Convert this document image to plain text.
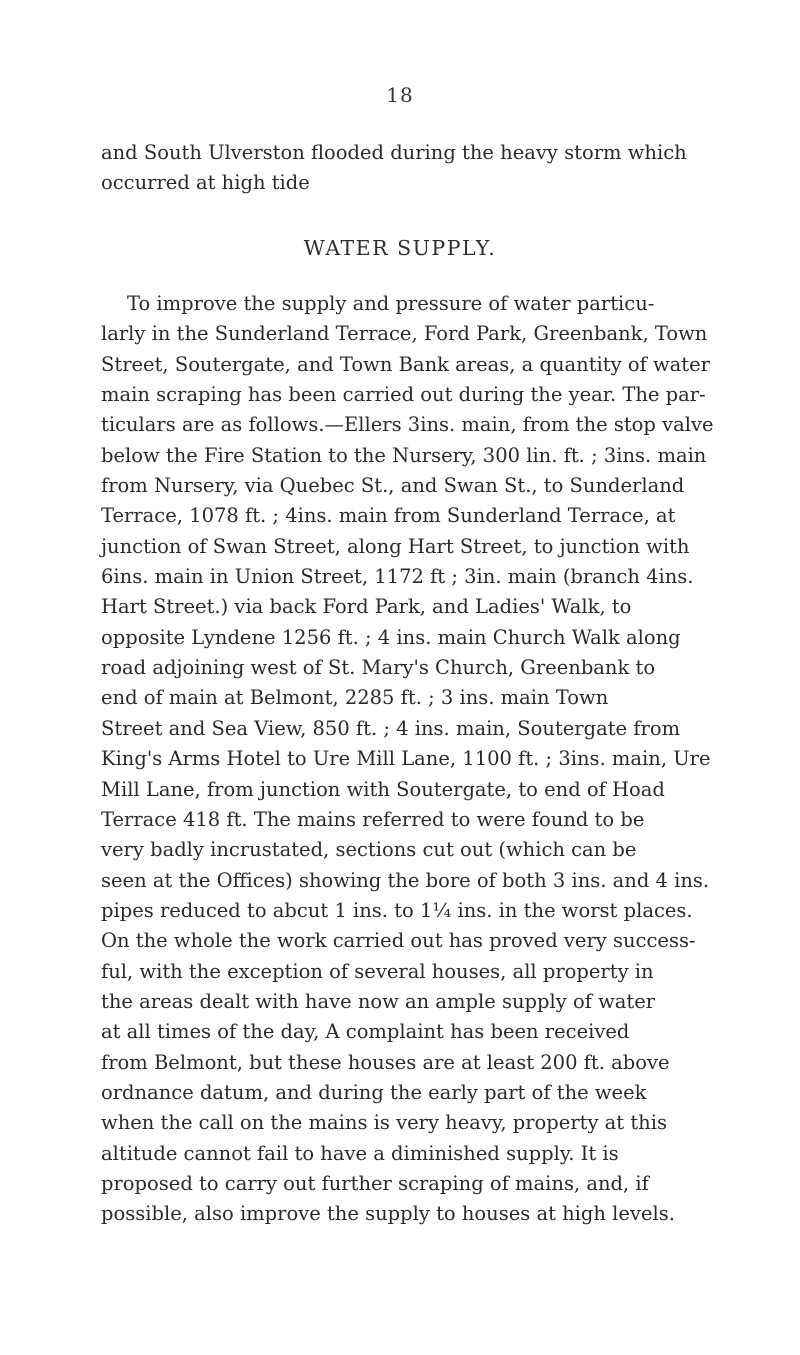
18
and South Ulverston flooded during the heavy storm which
occurred at high tide
WATER SUPPLY.
To improve the supply and pressure of water particu-
larly in the Sunderland Terrace, Ford Park, Greenbank, Town
Street, Soutergate, and Town Bank areas, a quantity of water
main scraping has been carried out during the year. The par-
ticulars are as follows.—Ellers 3ins. main, from the stop valve
below the Fire Station to the Nursery, 300 lin. ft. ; 3ins. main
from Nursery, via Quebec St., and Swan St., to Sunderland
Terrace, 1078 ft. ; 4ins. main from Sunderland Terrace, at
junction of Swan Street, along Hart Street, to junction with
6ins. main in Union Street, 1172 ft ; 3in. main (branch 4ins.
Hart Street.) via back Ford Park, and Ladies' Walk, to
opposite Lyndene 1256 ft. ; 4 ins. main Church Walk along
road adjoining west of St. Mary's Church, Greenbank to
end of main at Belmont, 2285 ft. ; 3 ins. main Town
Street and Sea View, 850 ft. ; 4 ins. main, Soutergate from
King's Arms Hotel to Ure Mill Lane, 1100 ft. ; 3ins. main, Ure
Mill Lane, from junction with Soutergate, to end of Hoad
Terrace 418 ft. The mains referred to were found to be
very badly incrustated, sections cut out (which can be
seen at the Offices) showing the bore of both 3 ins. and 4 ins.
pipes reduced to abcut 1 ins. to 1¼ ins. in the worst places.
On the whole the work carried out has proved very success-
ful, with the exception of several houses, all property in
the areas dealt with have now an ample supply of water
at all times of the day, A complaint has been received
from Belmont, but these houses are at least 200 ft. above
ordnance datum, and during the early part of the week
when the call on the mains is very heavy, property at this
altitude cannot fail to have a diminished supply. It is
proposed to carry out further scraping of mains, and, if
possible, also improve the supply to houses at high levels.
